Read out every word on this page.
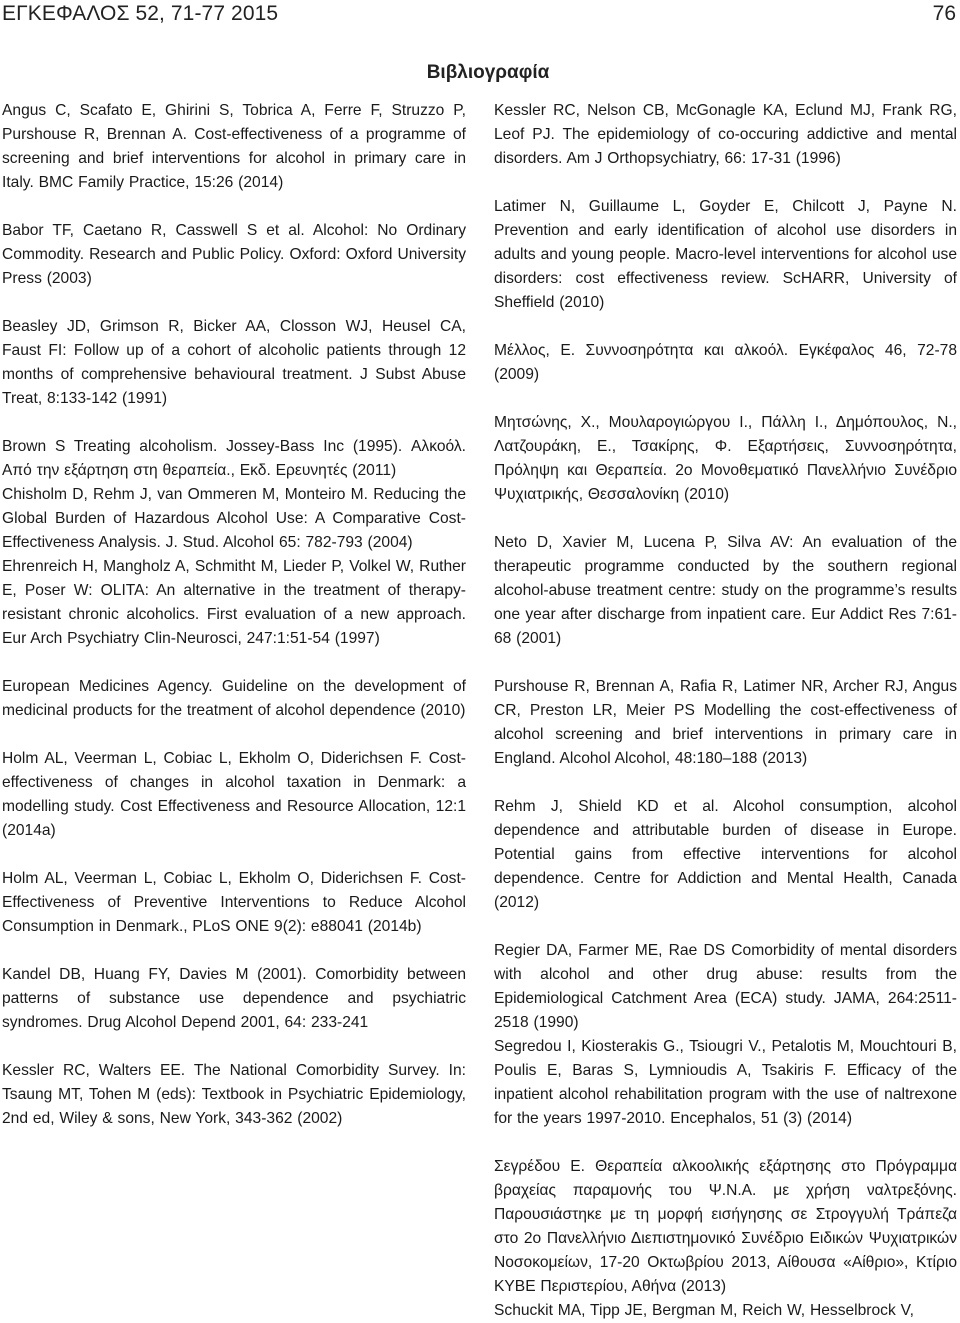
ΕΓΚΕΦΑΛΟΣ 52, 71-77 2015	76
Βιβλιογραφία

Angus C, Scafato E, Ghirini S, Tobrica A, Ferre F, Struzzo P, Purshouse R, Brennan A. Cost-effectiveness of a programme of screening and brief interventions for alcohol in primary care in Italy. BMC Family Practice, 15:26 (2014)

Babor TF, Caetano R, Casswell S et al. Alcohol: No Ordinary Commodity. Research and Public Policy. Oxford: Oxford University Press (2003)

Beasley JD, Grimson R, Bicker AA, Closson WJ, Heusel CA, Faust FI: Follow up of a cohort of alcoholic patients through 12 months of comprehensive behavioural treatment. J Subst Abuse Treat, 8:133-142 (1991)

Brown S Treating alcoholism. Jossey-Bass Inc (1995). Αλκοόλ. Από την εξάρτηση στη θεραπεία., Εκδ. Ερευνητές (2011)

Chisholm D, Rehm J, van Ommeren M, Monteiro M. Reducing the Global Burden of Hazardous Alcohol Use: A Comparative Cost-Effectiveness Analysis. J. Stud. Alcohol 65: 782-793 (2004)

Ehrenreich H, Mangholz A, Schmitht M, Lieder P, Volkel W, Ruther E, Poser W: OLITA: An alternative in the treatment of therapy-resistant chronic alcoholics. First evaluation of a new approach. Eur Arch Psychiatry Clin-Neurosci, 247:1:51-54 (1997)

European Medicines Agency. Guideline on the development of medicinal products for the treatment of alcohol dependence (2010)

Holm AL, Veerman L, Cobiac L, Ekholm O, Diderichsen F. Cost-effectiveness of changes in alcohol taxation in Denmark: a modelling study. Cost Effectiveness and Resource Allocation, 12:1 (2014a)

Holm AL, Veerman L, Cobiac L, Ekholm O, Diderichsen F. Cost-Effectiveness of Preventive Interventions to Reduce Alcohol Consumption in Denmark., PLoS ONE 9(2): e88041 (2014b)

Kandel DB, Huang FY, Davies M (2001). Comorbidity between patterns of substance use dependence and psychiatric syndromes. Drug Alcohol Depend 2001, 64: 233-241

Kessler RC, Walters EE. The National Comorbidity Survey. In: Tsaung MT, Tohen M (eds): Textbook in Psychiatric Epidemiology, 2nd ed, Wiley & sons, New York, 343-362 (2002)

Kessler RC, Nelson CB, McGonagle KA, Eclund MJ, Frank RG, Leof PJ. The epidemiology of co-occuring addictive and mental disorders. Am J Orthopsychiatry, 66: 17-31 (1996)

Latimer N, Guillaume L, Goyder E, Chilcott J, Payne N. Prevention and early identification of alcohol use disorders in adults and young people. Macro-level interventions for alcohol use disorders: cost effectiveness review. ScHARR, University of Sheffield (2010)

Μέλλος, Ε. Συννοσηρότητα και αλκοόλ. Εγκέφαλος 46, 72-78 (2009)

Μητσώνης, Χ., Μουλαρογιώργου Ι., Πάλλη Ι., Δημόπουλος, Ν., Λατζουράκη, Ε., Τσακίρης, Φ. Εξαρτήσεις, Συννοσηρότητα, Πρόληψη και Θεραπεία. 2ο Μονοθεματικό Πανελλήνιο Συνέδριο Ψυχιατρικής, Θεσσαλονίκη (2010)

Neto D, Xavier M, Lucena P, Silva AV: An evaluation of the therapeutic programme conducted by the southern regional alcohol-abuse treatment centre: study on the programme’s results one year after discharge from inpatient care. Eur Addict Res 7:61-68 (2001)

Purshouse R, Brennan A, Rafia R, Latimer NR, Archer RJ, Angus CR, Preston LR, Meier PS Modelling the cost-effectiveness of alcohol screening and brief interventions in primary care in England. Alcohol Alcohol, 48:180–188 (2013)

Rehm J, Shield KD et al. Alcohol consumption, alcohol dependence and attributable burden of disease in Europe. Potential gains from effective interventions for alcohol dependence. Centre for Addiction and Mental Health, Canada (2012)

Regier DA, Farmer ME, Rae DS Comorbidity of mental disorders with alcohol and other drug abuse: results from the Epidemiological Catchment Area (ECA) study. JAMA, 264:2511-2518 (1990)

Segredou I, Kiosterakis G., Tsiougri V., Petalotis M, Mouchtouri B, Poulis E, Baras S, Lymnioudis A, Tsakiris F. Efficacy of the inpatient alcohol rehabilitation program with the use of naltrexone for the years 1997-2010. Encephalos, 51 (3) (2014)

Σεγρέδου Ε. Θεραπεία αλκοολικής εξάρτησης στο Πρόγραμμα βραχείας παραμονής του Ψ.Ν.Α. με χρήση ναλτρεξόνης. Παρουσιάστηκε με τη μορφή εισήγησης σε Στρογγυλή Τράπεζα στο 2ο Πανελλήνιο Διεπιστημονικό Συνέδριο Ειδικών Ψυχιατρικών Νοσοκομείων, 17-20 Οκτωβρίου 2013, Αίθουσα «Αίθριο», Κτίριο ΚΥΒΕ Περιστερίου, Αθήνα (2013)

Schuckit MA, Tipp JE, Bergman M, Reich W, Hesselbrock V,
